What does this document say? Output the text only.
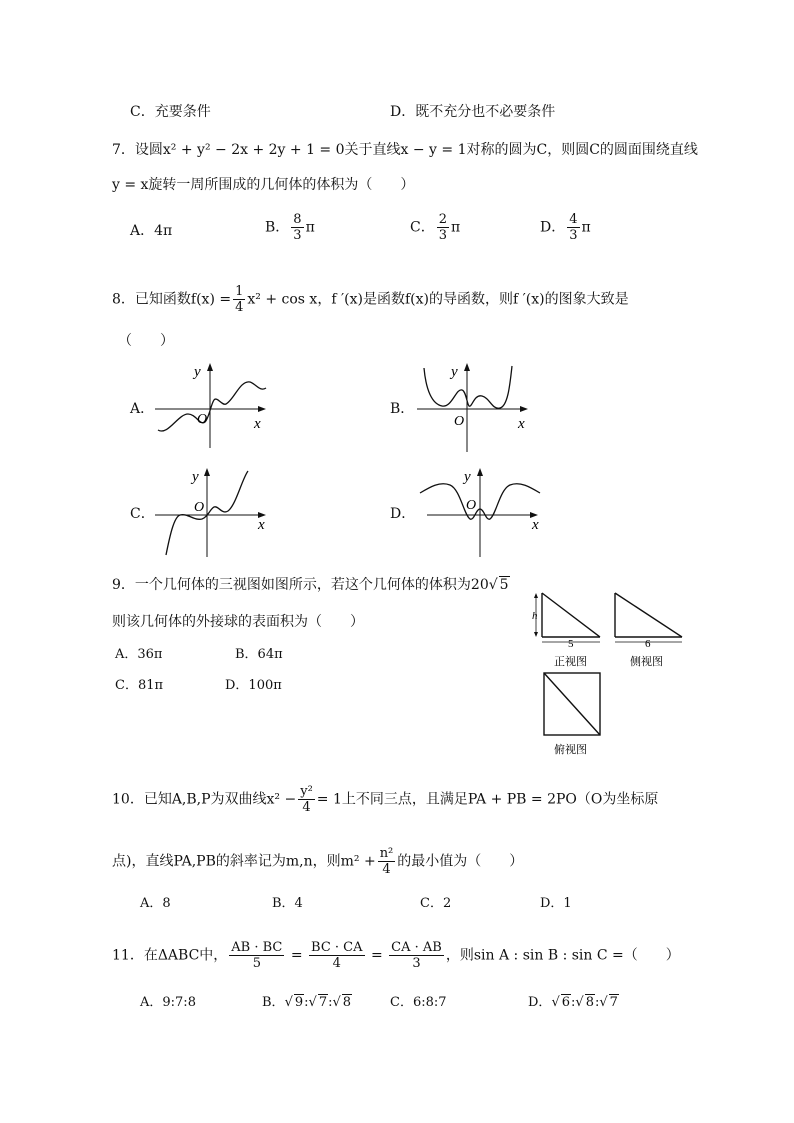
C．充要条件	D．既不充分也不必要条件
7．设圆x² + y² − 2x + 2y + 1 = 0关于直线x − y = 1对称的圆为C，则圆C的圆面围绕直线
y = x旋转一周所围成的几何体的体积为（　　）
A．4π	B． $\frac{8}{3}$ π	C． $\frac{2}{3}$ π	D． $\frac{4}{3}$ π
8．已知函数$f(x) = \frac{1}{4} x^2 + \cos x$，f ′(x)是函数f(x)的导函数，则f ′(x)的图象大致是
（　　）
A．	B．
C．	D．
y
x
O
y
x
O
y
x
O
y
x
O
9．一个几何体的三视图如图所示，若这个几何体的体积为20√ 5
则该几何体的外接球的表面积为（　　）
A．36π	B．64π
C．81π	D．100π
h
5
正视图
6
侧视图
俯视图
10．已知A,B,P为双曲线$x^2 - \frac{\text{y²}}{4} = 1$上不同三点，且满足PA + PB = 2PO（O为坐标原
点)，直线PA,PB的斜率记为m,n，则$m^2 + \frac{\text{n²}}{4}$ 的最小值为（　　）
A．8	B．4	C．2	D．1
11．在ΔABC中， $\frac{AB \cdot BC}{5} = \frac{BC \cdot CA}{4} = \frac{CA \cdot AB}{3}$ ，则sin A : sin B : sin C =（　　）
A．9:7:8	B．√ 9:√ 7:√ 8	C．6:8:7	D．√ 6:√ 8:√ 7
